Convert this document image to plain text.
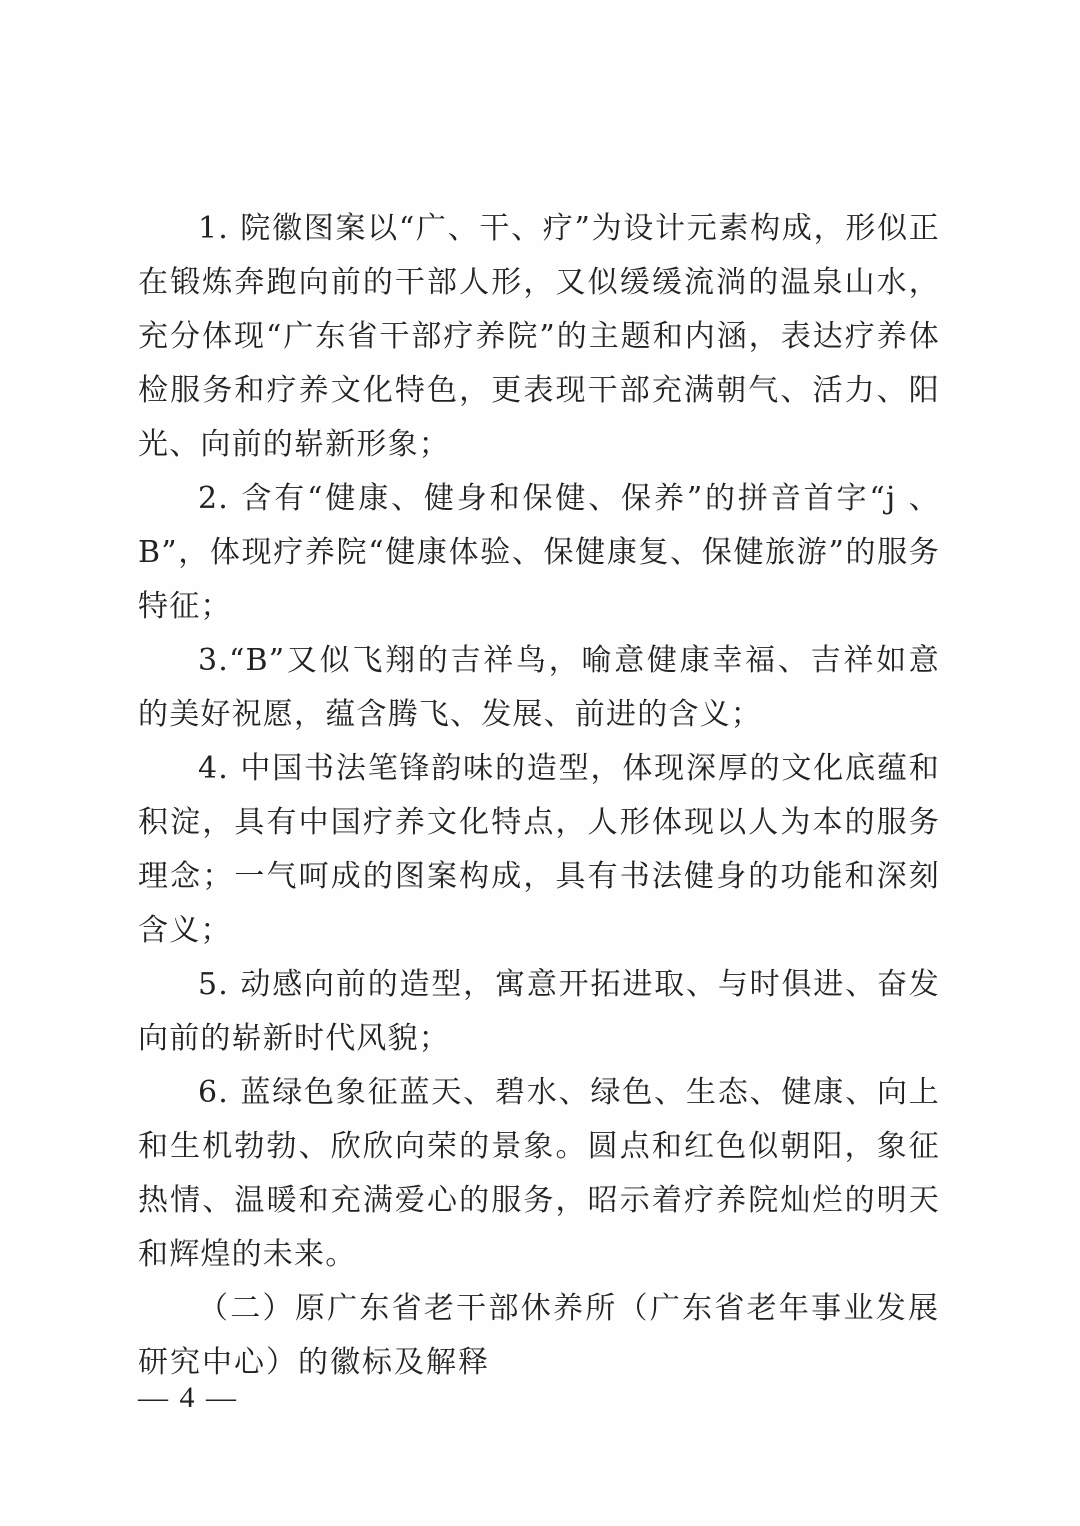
1. 院徽图案以“广、干、疗”为设计元素构成，形似正在锻炼奔跑向前的干部人形，又似缓缓流淌的温泉山水，充分体现“广东省干部疗养院”的主题和内涵，表达疗养体检服务和疗养文化特色，更表现干部充满朝气、活力、阳光、向前的崭新形象；

2. 含有“健康、健身和保健、保养”的拼音首字“j 、B”，体现疗养院“健康体验、保健康复、保健旅游”的服务特征；

3.“B”又似飞翔的吉祥鸟，喻意健康幸福、吉祥如意的美好祝愿，蕴含腾飞、发展、前进的含义；

4. 中国书法笔锋韵味的造型，体现深厚的文化底蕴和积淀，具有中国疗养文化特点，人形体现以人为本的服务理念；一气呵成的图案构成，具有书法健身的功能和深刻含义；

5. 动感向前的造型，寓意开拓进取、与时俱进、奋发向前的崭新时代风貌；

6. 蓝绿色象征蓝天、碧水、绿色、生态、健康、向上和生机勃勃、欣欣向荣的景象。圆点和红色似朝阳，象征热情、温暖和充满爱心的服务，昭示着疗养院灿烂的明天和辉煌的未来。

（二）原广东省老干部休养所（广东省老年事业发展研究中心）的徽标及解释

— 4 —
